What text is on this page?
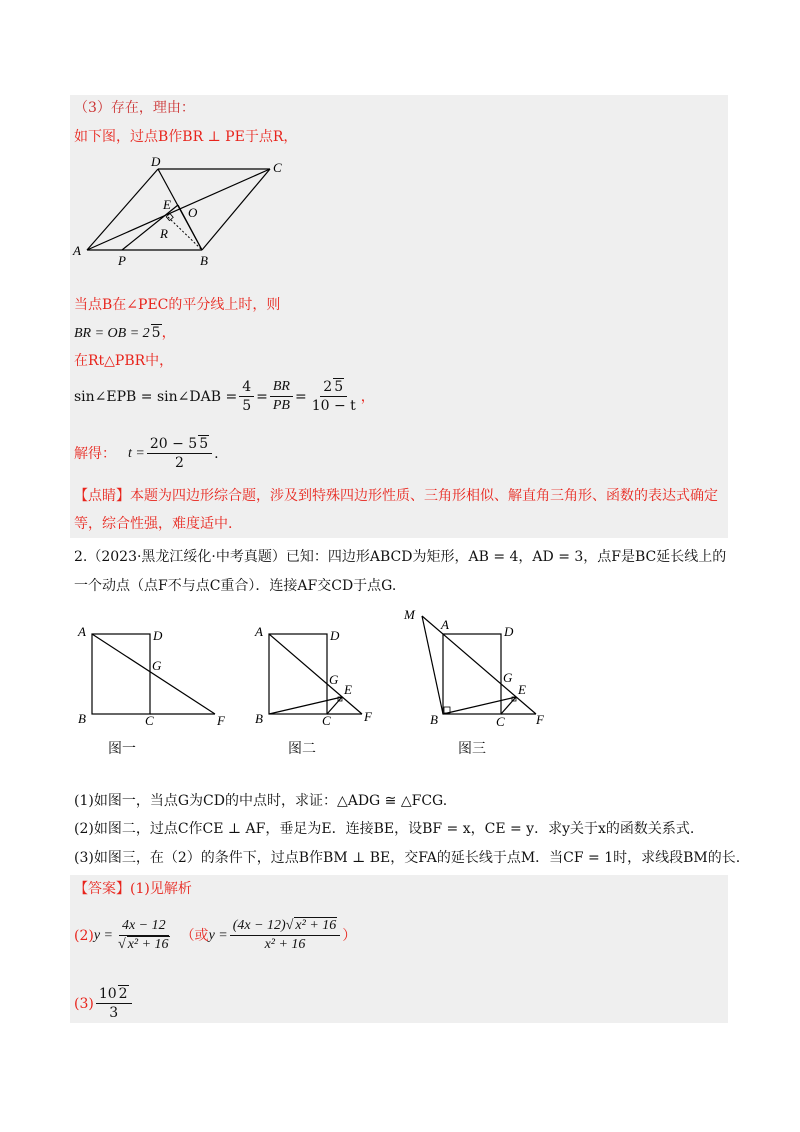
（3）存在，理由：
如下图，过点B作BR ⊥ PE于点R，
D	C
E
O
R
A
P	B
当点B在∠PEC的平分线上时，则
BR = OB = 2 5，
在Rt△PBR中，
sin∠EPB = sin∠DAB = $\frac{4}{5} = \frac{BR}{PB} = \frac{2 5}{10 - t}$ ，
解得： $t = \frac{20 - 5 5}{2}$ .
【点睛】本题为四边形综合题，涉及到特殊四边形性质、三角形相似、解直角三角形、函数的表达式确定
等，综合性强，难度适中.
2.（2023·黑龙江绥化·中考真题）已知：四边形ABCD为矩形，AB = 4，AD = 3，点F是BC延长线上的
一个动点（点F不与点C重合）．连接AF交CD于点G.
A	D
G
B	C	F
图一
A	D
G
E
B	C	F
图二
M
A	D
G
E
B	C F
图三
(1)如图一，当点G为CD的中点时，求证：△ADG ≅ △FCG.
(2)如图二，过点C作CE ⊥ AF，垂足为E．连接BE，设BF = x，CE = y．求y关于x的函数关系式.
(3)如图三，在（2）的条件下，过点B作BM ⊥ BE，交FA的延长线于点M．当CF = 1时，求线段BM的长.
【答案】(1)见解析
(2) $y = \frac{4x - 12}{\text{√ x² + 16}}$ （或 $y = \frac{\text{(4x − 12)√ x² + 16}}{\text{x² + 16}}$ ）
$(3) \frac{10 2}{3}$
